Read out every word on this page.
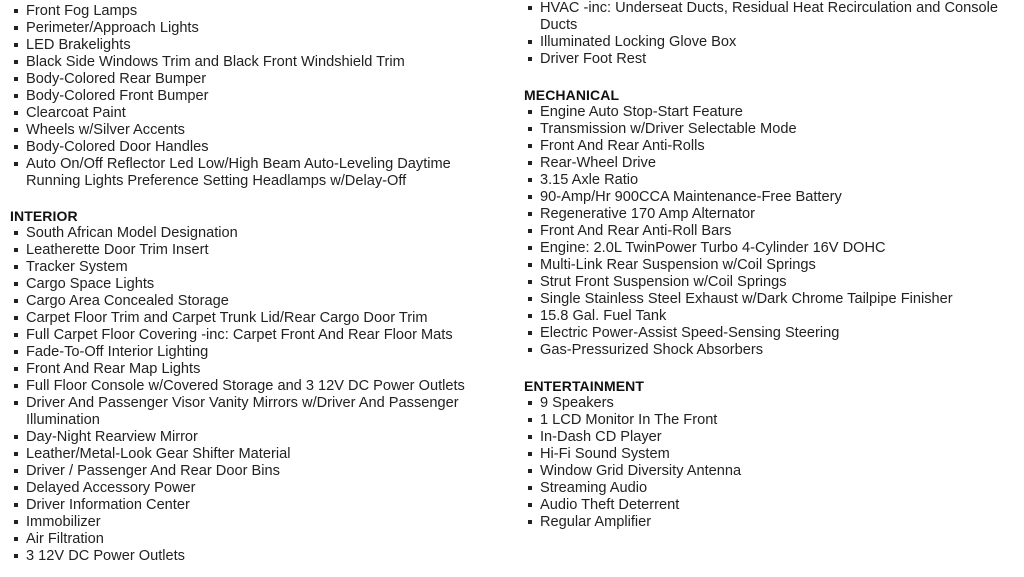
Front Fog Lamps
Perimeter/Approach Lights
LED Brakelights
Black Side Windows Trim and Black Front Windshield Trim
Body-Colored Rear Bumper
Body-Colored Front Bumper
Clearcoat Paint
Wheels w/Silver Accents
Body-Colored Door Handles
Auto On/Off Reflector Led Low/High Beam Auto-Leveling Daytime Running Lights Preference Setting Headlamps w/Delay-Off
INTERIOR
South African Model Designation
Leatherette Door Trim Insert
Tracker System
Cargo Space Lights
Cargo Area Concealed Storage
Carpet Floor Trim and Carpet Trunk Lid/Rear Cargo Door Trim
Full Carpet Floor Covering -inc: Carpet Front And Rear Floor Mats
Fade-To-Off Interior Lighting
Front And Rear Map Lights
Full Floor Console w/Covered Storage and 3 12V DC Power Outlets
Driver And Passenger Visor Vanity Mirrors w/Driver And Passenger Illumination
Day-Night Rearview Mirror
Leather/Metal-Look Gear Shifter Material
Driver / Passenger And Rear Door Bins
Delayed Accessory Power
Driver Information Center
Immobilizer
Air Filtration
3 12V DC Power Outlets
HVAC -inc: Underseat Ducts, Residual Heat Recirculation and Console Ducts
Illuminated Locking Glove Box
Driver Foot Rest
MECHANICAL
Engine Auto Stop-Start Feature
Transmission w/Driver Selectable Mode
Front And Rear Anti-Rolls
Rear-Wheel Drive
3.15 Axle Ratio
90-Amp/Hr 900CCA Maintenance-Free Battery
Regenerative 170 Amp Alternator
Front And Rear Anti-Roll Bars
Engine: 2.0L TwinPower Turbo 4-Cylinder 16V DOHC
Multi-Link Rear Suspension w/Coil Springs
Strut Front Suspension w/Coil Springs
Single Stainless Steel Exhaust w/Dark Chrome Tailpipe Finisher
15.8 Gal. Fuel Tank
Electric Power-Assist Speed-Sensing Steering
Gas-Pressurized Shock Absorbers
ENTERTAINMENT
9 Speakers
1 LCD Monitor In The Front
In-Dash CD Player
Hi-Fi Sound System
Window Grid Diversity Antenna
Streaming Audio
Audio Theft Deterrent
Regular Amplifier
